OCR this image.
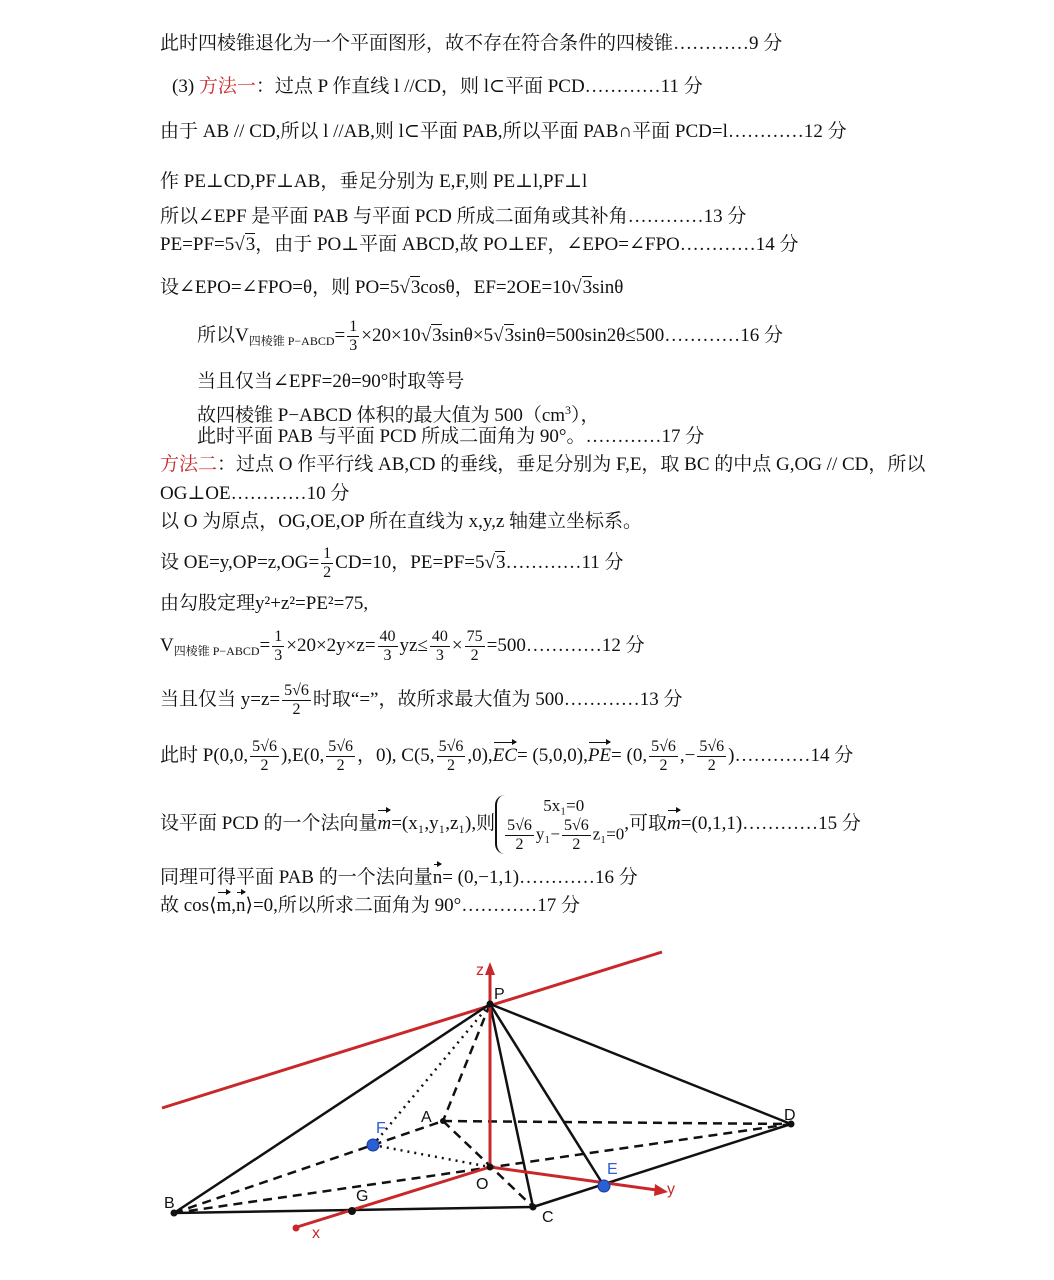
此时四棱锥退化为一个平面图形，故不存在符合条件的四棱锥…………9 分
(3) 方法一：过点 P 作直线 l //CD，则 l⊂平面 PCD…………11 分
由于 AB // CD,所以 l //AB,则 l⊂平面 PAB,所以平面 PAB∩平面 PCD=l…………12 分
作 PE⊥CD,PF⊥AB，垂足分别为 E,F,则 PE⊥l,PF⊥l
所以∠EPF 是平面 PAB 与平面 PCD 所成二面角或其补角…………13 分
PE=PF=5√3，由于 PO⊥平面 ABCD,故 PO⊥EF，∠EPO=∠FPO…………14 分
设∠EPO=∠FPO=θ，则 PO=5√3cosθ，EF=2OE=10√3sinθ
所以$V_{四棱锥 P-ABCD}= \frac{1}{3}$ ×20×10√3sinθ×5√3sinθ=500sin2θ≤500…………16 分
当且仅当∠EPF=2θ=90°时取等号
故四棱锥 P−ABCD 体积的最大值为 $500(cm^3)$，
此时平面 PAB 与平面 PCD 所成二面角为 90°。…………17 分
方法二：过点 O 作平行线 AB,CD 的垂线，垂足分别为 F,E，取 BC 的中点 G,OG // CD，所以
OG⊥OE…………10 分
以 O 为原点，OG,OE,OP 所在直线为 x,y,z 轴建立坐标系。
设 $OE=y,OP=z,OG= \frac{1}{2} CD=10$，PE=PF=5√3…………11 分
由勾股定理y²+z²=PE²=75,
$V_{四棱锥 P-ABCD}= \frac{1}{3} \times 20\times 2y\times z= \frac{40}{3} yz\le \frac{40}{3} \times \frac{75}{2}$ =500…………12 分
当且仅当 $y=z= \frac{5√6}{2}$ 时取“=”，故所求最大值为 500…………13 分
此时 P(0,0, $\frac{5√6}{2} ),E(0$, $\frac{5√6}{2}$ ，0), C(5, $\frac{5√6}{2} ,0),EC= (5,0,0),PE= (0$, $\frac{5√6}{2}$ ,− $\frac{5√6}{2}$ )…………14 分
设平面 PCD 的一个法向量m=(x₁,y₁,z₁),则
5x₁=0
$\frac{5√6}{2} y_1- \frac{5√6}{2} z_1=0$
,可取m=(0,1,1)…………15 分
同理可得平面 PAB 的一个法向量n= (0,−1,1)…………16 分
故 cos⟨m,n⟩=0,所以所求二面角为 90°…………17 分
P
A
B
C
D
O
G
F
E
x
y
z
